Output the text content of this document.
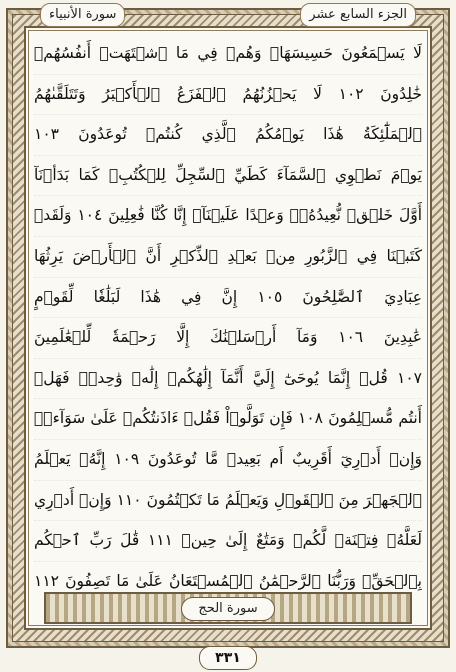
الجزء السابع عشر
سورة الأنبياء
لَا يَسۡمَعُونَ حَسِيسَهَاۖ وَهُمۡ فِي مَا ٱشۡتَهَتۡ أَنفُسُهُمۡ
خَٰلِدُونَ ١٠٢ لَا يَحۡزُنُهُمُ ٱلۡفَزَعُ ٱلۡأَكۡبَرُ وَتَتَلَقَّىٰهُمُ
ٱلۡمَلَٰٓئِكَةُ هَٰذَا يَوۡمُكُمُ ٱلَّذِي كُنتُمۡ تُوعَدُونَ ١٠٣
يَوۡمَ نَطۡوِي ٱلسَّمَآءَ كَطَيِّ ٱلسِّجِلِّ لِلۡكُتُبِۚ كَمَا بَدَأۡنَآ
أَوَّلَ خَلۡقٖ نُّعِيدُهُۥۚ وَعۡدًا عَلَيۡنَآۚ إِنَّا كُنَّا فَٰعِلِينَ ١٠٤ وَلَقَدۡ
كَتَبۡنَا فِي ٱلزَّبُورِ مِنۢ بَعۡدِ ٱلذِّكۡرِ أَنَّ ٱلۡأَرۡضَ يَرِثُهَا
عِبَادِيَ ٱلصَّٰلِحُونَ ١٠٥ إِنَّ فِي هَٰذَا لَبَلَٰغٗا لِّقَوۡمٍ
عَٰبِدِينَ ١٠٦ وَمَآ أَرۡسَلۡنَٰكَ إِلَّا رَحۡمَةٗ لِّلۡعَٰلَمِينَ
١٠٧ قُلۡ إِنَّمَا يُوحَىٰٓ إِلَيَّ أَنَّمَآ إِلَٰهُكُمۡ إِلَٰهٞ وَٰحِدٞۖ فَهَلۡ
أَنتُم مُّسۡلِمُونَ ١٠٨ فَإِن تَوَلَّوۡاْ فَقُلۡ ءَاذَنتُكُمۡ عَلَىٰ سَوَآءٖۖ
وَإِنۡ أَدۡرِيٓ أَقَرِيبٌ أَم بَعِيدٞ مَّا تُوعَدُونَ ١٠٩ إِنَّهُۥ يَعۡلَمُ
ٱلۡجَهۡرَ مِنَ ٱلۡقَوۡلِ وَيَعۡلَمُ مَا تَكۡتُمُونَ ١١٠ وَإِنۡ أَدۡرِي
لَعَلَّهُۥ فِتۡنَةٞ لَّكُمۡ وَمَتَٰعٌ إِلَىٰ حِينٖ ١١١ قَٰلَ رَبِّ ٱحۡكُم
بِٱلۡحَقِّۗ وَرَبُّنَا ٱلرَّحۡمَٰنُ ٱلۡمُسۡتَعَانُ عَلَىٰ مَا تَصِفُونَ ١١٢
سورة الحج
٣٣١
